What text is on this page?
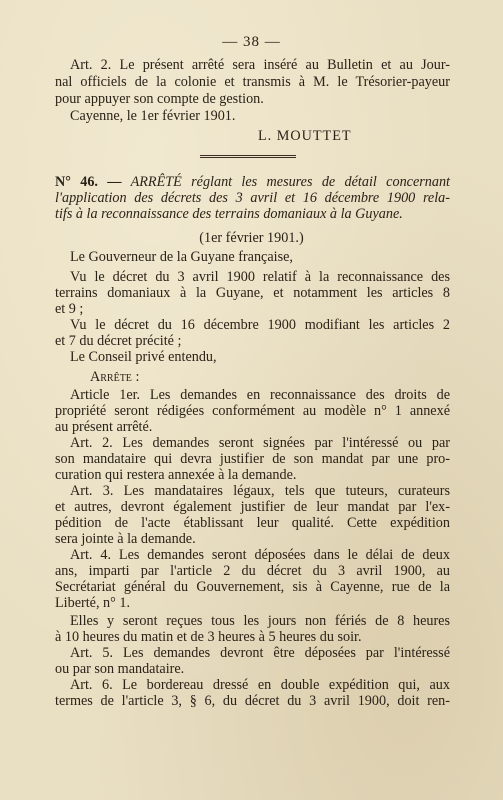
— 38 —
Art. 2. Le présent arrêté sera inséré au Bulletin et au Jour-
nal officiels de la colonie et transmis à M. le Trésorier-payeur
pour appuyer son compte de gestion.
Cayenne, le 1er février 1901.
L. MOUTTET
N° 46. — ARRÊTÉ réglant les mesures de détail concernant
l'application des décrets des 3 avril et 16 décembre 1900 rela-
tifs à la reconnaissance des terrains domaniaux à la Guyane.
(1er février 1901.)
Le Gouverneur de la Guyane française,
Vu le décret du 3 avril 1900 relatif à la reconnaissance des
terrains domaniaux à la Guyane, et notamment les articles 8
et 9 ;
Vu le décret du 16 décembre 1900 modifiant les articles 2
et 7 du décret précité ;
Le Conseil privé entendu,
Arrête :
Article 1er. Les demandes en reconnaissance des droits de
propriété seront rédigées conformément au modèle n° 1 annexé
au présent arrêté.
Art. 2. Les demandes seront signées par l'intéressé ou par
son mandataire qui devra justifier de son mandat par une pro-
curation qui restera annexée à la demande.
Art. 3. Les mandataires légaux, tels que tuteurs, curateurs
et autres, devront également justifier de leur mandat par l'ex-
pédition de l'acte établissant leur qualité. Cette expédition
sera jointe à la demande.
Art. 4. Les demandes seront déposées dans le délai de deux
ans, imparti par l'article 2 du décret du 3 avril 1900, au
Secrétariat général du Gouvernement, sis à Cayenne, rue de la
Liberté, n° 1.
Elles y seront reçues tous les jours non fériés de 8 heures
à 10 heures du matin et de 3 heures à 5 heures du soir.
Art. 5. Les demandes devront être déposées par l'intéressé
ou par son mandataire.
Art. 6. Le bordereau dressé en double expédition qui, aux
termes de l'article 3, § 6, du décret du 3 avril 1900, doit ren-
